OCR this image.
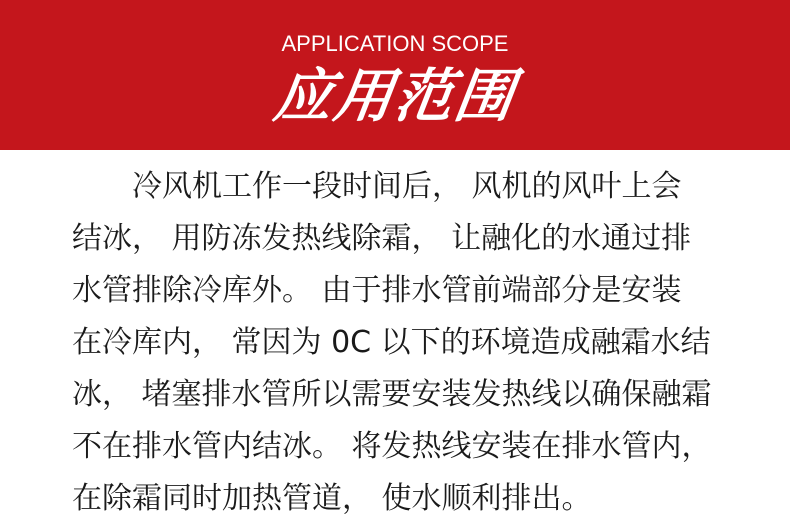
APPLICATION SCOPE
应用范围
冷风机工作一段时间后， 风机的风叶上会
结冰， 用防冻发热线除霜， 让融化的水通过排
水管排除冷库外。 由于排水管前端部分是安装
在冷库内， 常因为 0C 以下的环境造成融霜水结
冰， 堵塞排水管所以需要安装发热线以确保融霜
不在排水管内结冰。 将发热线安装在排水管内，
在除霜同时加热管道， 使水顺利排出。
